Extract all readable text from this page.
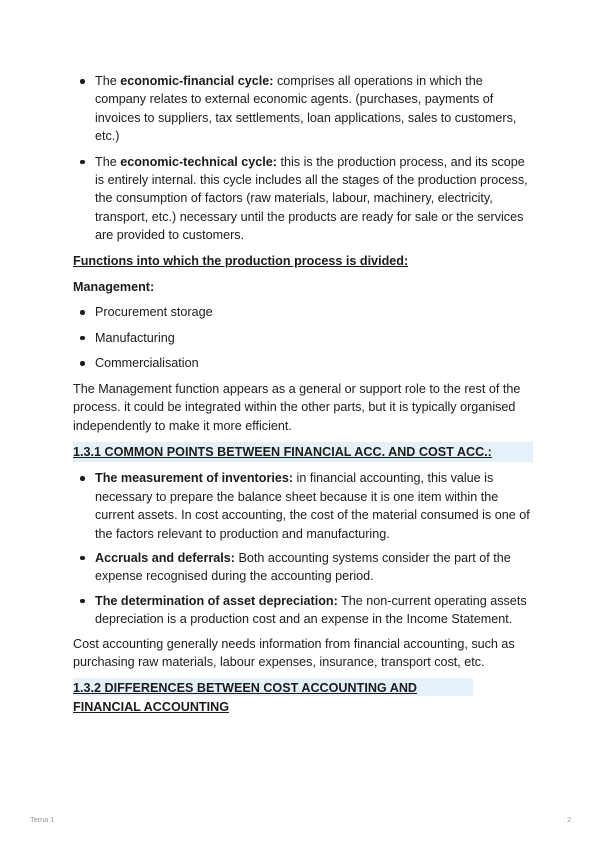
The economic-financial cycle: comprises all operations in which the company relates to external economic agents. (purchases, payments of invoices to suppliers, tax settlements, loan applications, sales to customers, etc.)
The economic-technical cycle: this is the production process, and its scope is entirely internal. this cycle includes all the stages of the production process, the consumption of factors (raw materials, labour, machinery, electricity, transport, etc.) necessary until the products are ready for sale or the services are provided to customers.
Functions into which the production process is divided:
Management:
Procurement storage
Manufacturing
Commercialisation

The Management function appears as a general or support role to the rest of the process. it could be integrated within the other parts, but it is typically organised independently to make it more efficient.

1.3.1 COMMON POINTS BETWEEN FINANCIAL ACC. AND COST ACC.:
The measurement of inventories: in financial accounting, this value is necessary to prepare the balance sheet because it is one item within the current assets. In cost accounting, the cost of the material consumed is one of the factors relevant to production and manufacturing.
Accruals and deferrals: Both accounting systems consider the part of the expense recognised during the accounting period.
The determination of asset depreciation: The non-current operating assets depreciation is a production cost and an expense in the Income Statement.

Cost accounting generally needs information from financial accounting, such as purchasing raw materials, labour expenses, insurance, transport cost, etc.

1.3.2 DIFFERENCES BETWEEN COST ACCOUNTING AND FINANCIAL ACCOUNTING
Tema 1	2
